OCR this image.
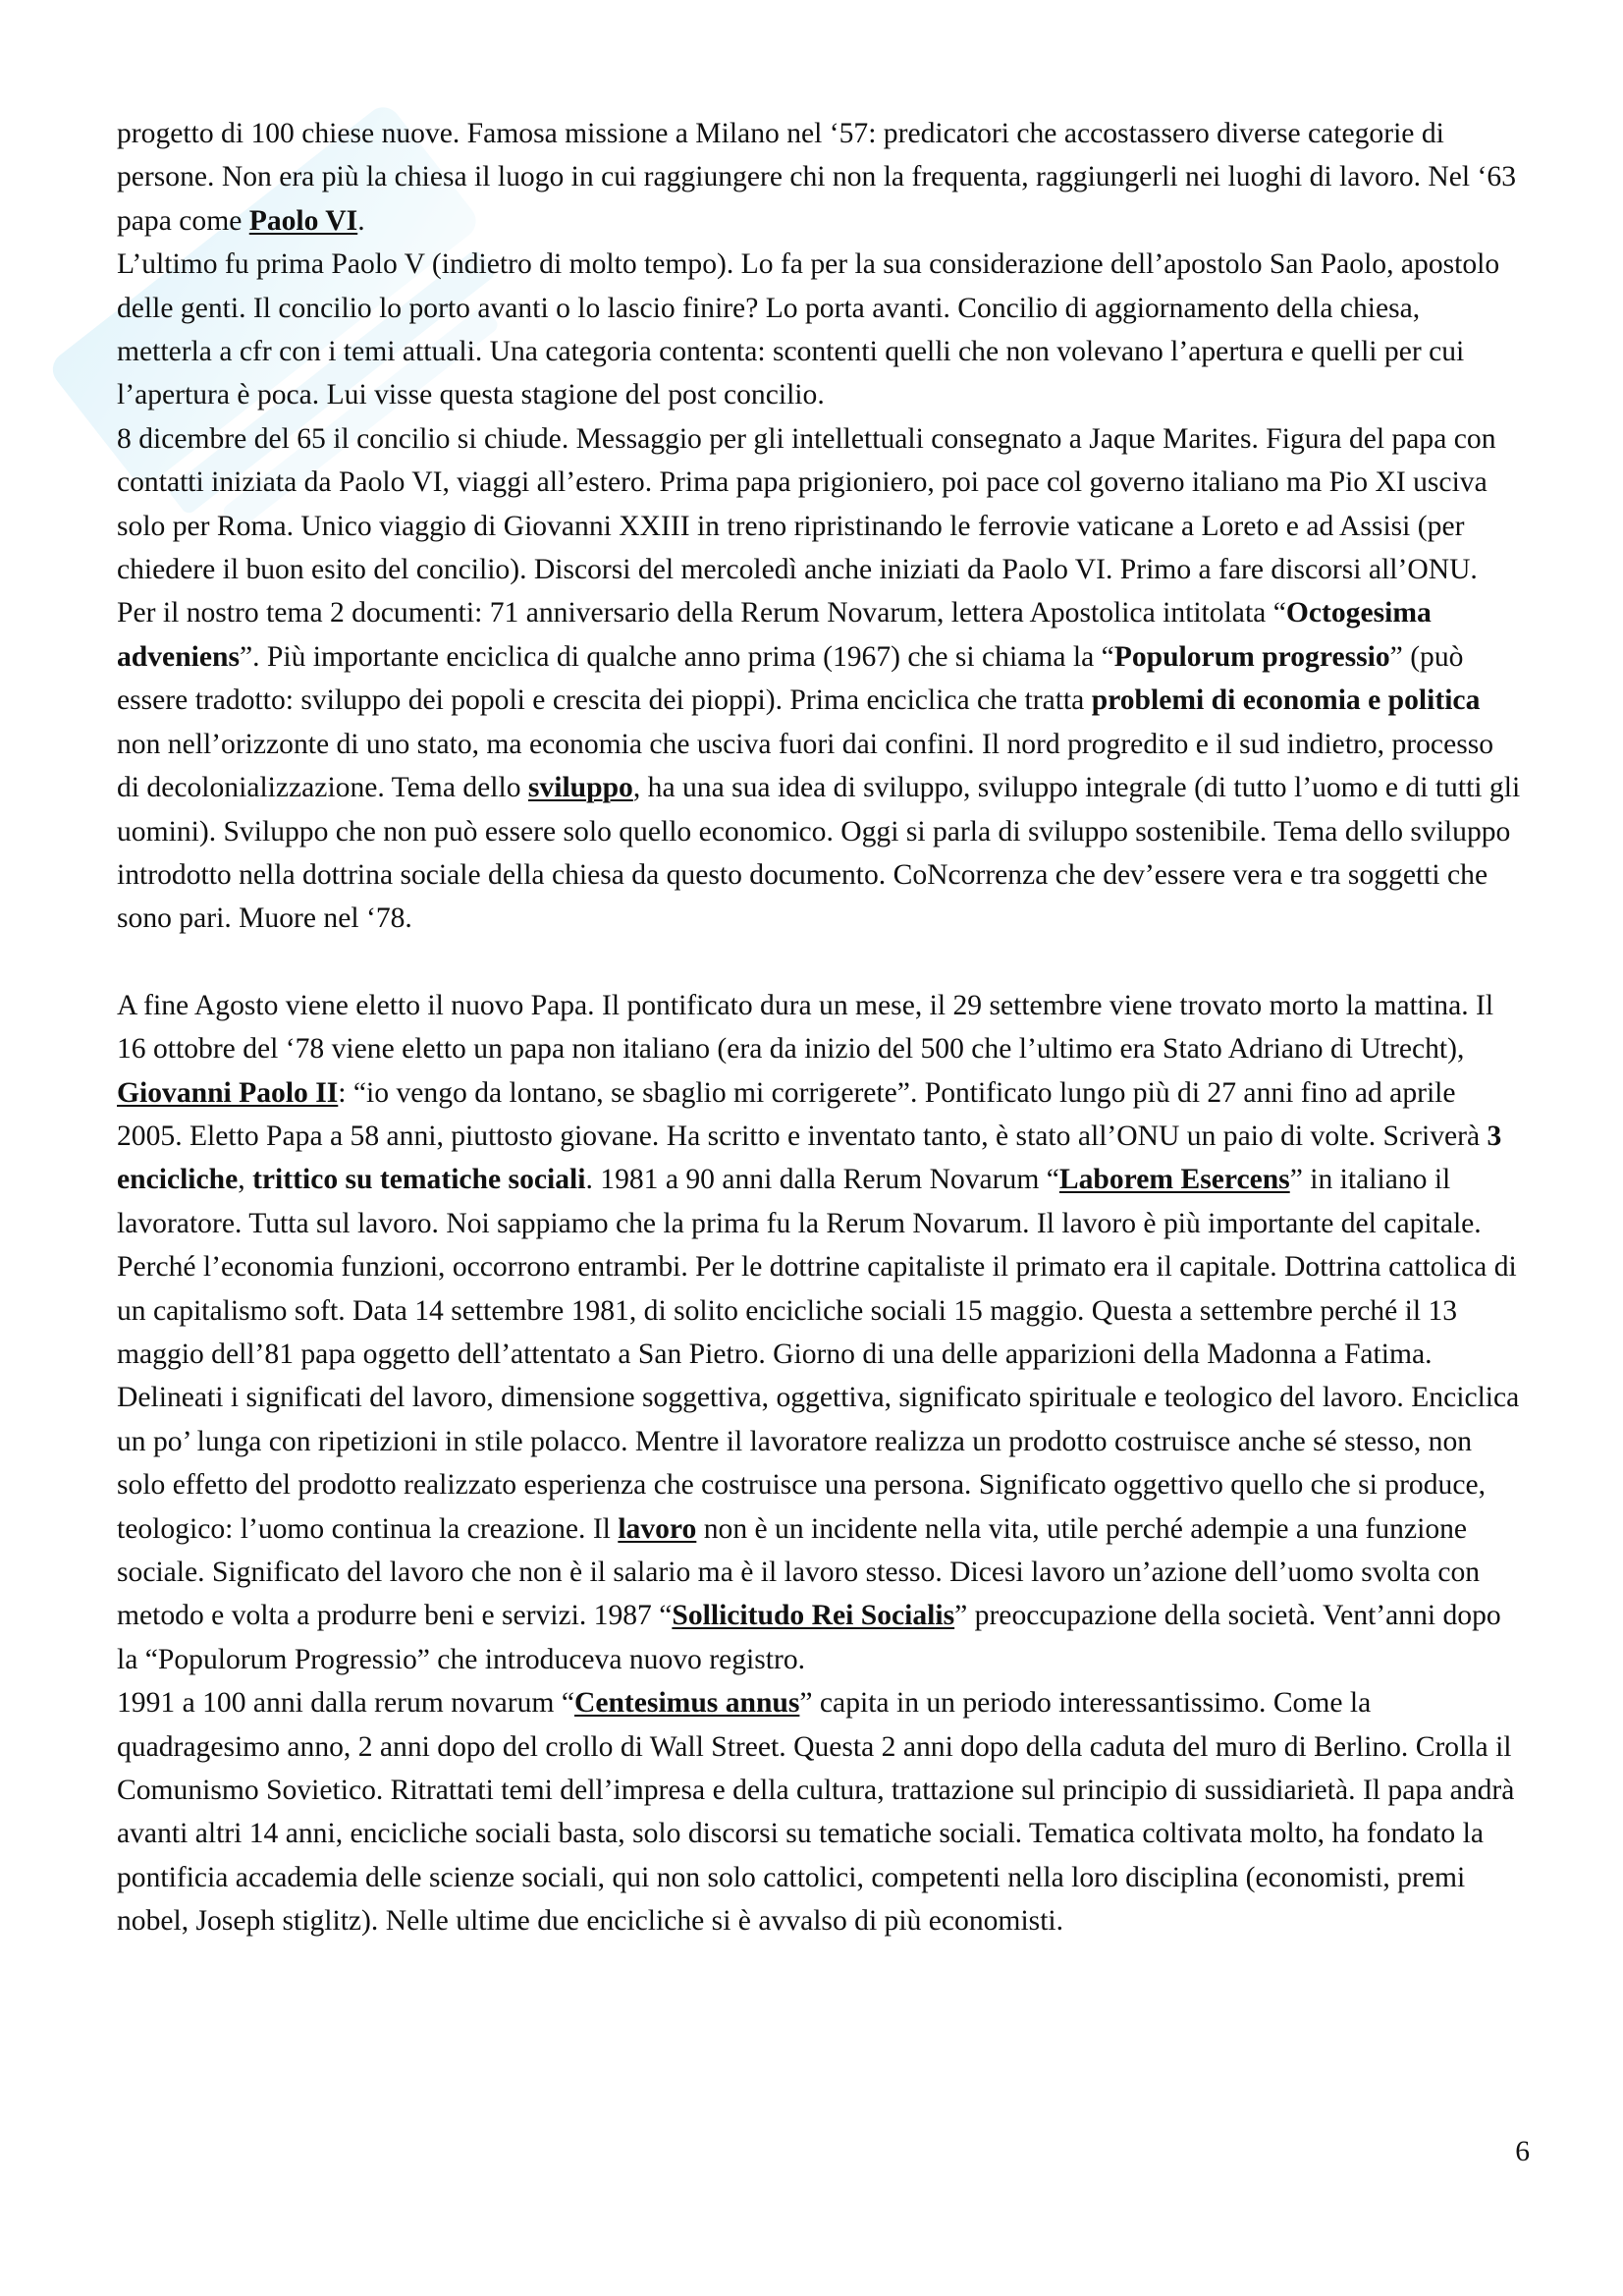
progetto di 100 chiese nuove. Famosa missione a Milano nel ‘57: predicatori che accostassero diverse categorie di persone. Non era più la chiesa il luogo in cui raggiungere chi non la frequenta, raggiungerli nei luoghi di lavoro. Nel ‘63 papa come Paolo VI.

L’ultimo fu prima Paolo V (indietro di molto tempo). Lo fa per la sua considerazione dell’apostolo San Paolo, apostolo delle genti. Il concilio lo porto avanti o lo lascio finire? Lo porta avanti. Concilio di aggiornamento della chiesa, metterla a cfr con i temi attuali. Una categoria contenta: scontenti quelli che non volevano l’apertura e quelli per cui l’apertura è poca. Lui visse questa stagione del post concilio.

8 dicembre del 65 il concilio si chiude. Messaggio per gli intellettuali consegnato a Jaque Marites. Figura del papa con contatti iniziata da Paolo VI, viaggi all’estero. Prima papa prigioniero, poi pace col governo italiano ma Pio XI usciva solo per Roma. Unico viaggio di Giovanni XXIII in treno ripristinando le ferrovie vaticane a Loreto e ad Assisi (per chiedere il buon esito del concilio). Discorsi del mercoledì anche iniziati da Paolo VI. Primo a fare discorsi all’ONU. Per il nostro tema 2 documenti: 71 anniversario della Rerum Novarum, lettera Apostolica intitolata “Octogesima adveniens”. Più importante enciclica di qualche anno prima (1967) che si chiama la “Populorum progressio” (può essere tradotto: sviluppo dei popoli e crescita dei pioppi). Prima enciclica che tratta problemi di economia e politica non nell’orizzonte di uno stato, ma economia che usciva fuori dai confini. Il nord progredito e il sud indietro, processo di decolonializzazione. Tema dello sviluppo, ha una sua idea di sviluppo, sviluppo integrale (di tutto l’uomo e di tutti gli uomini). Sviluppo che non può essere solo quello economico. Oggi si parla di sviluppo sostenibile. Tema dello sviluppo introdotto nella dottrina sociale della chiesa da questo documento. CoNcorrenza che dev’essere vera e tra soggetti che sono pari. Muore nel ‘78.

A fine Agosto viene eletto il nuovo Papa. Il pontificato dura un mese, il 29 settembre viene trovato morto la mattina. Il 16 ottobre del ‘78 viene eletto un papa non italiano (era da inizio del 500 che l’ultimo era Stato Adriano di Utrecht), Giovanni Paolo II: “io vengo da lontano, se sbaglio mi corrigerete”. Pontificato lungo più di 27 anni fino ad aprile 2005. Eletto Papa a 58 anni, piuttosto giovane. Ha scritto e inventato tanto, è stato all’ONU un paio di volte. Scriverà 3 encicliche, trittico su tematiche sociali. 1981 a 90 anni dalla Rerum Novarum “Laborem Esercens” in italiano il lavoratore. Tutta sul lavoro. Noi sappiamo che la prima fu la Rerum Novarum. Il lavoro è più importante del capitale. Perché l’economia funzioni, occorrono entrambi. Per le dottrine capitaliste il primato era il capitale. Dottrina cattolica di un capitalismo soft. Data 14 settembre 1981, di solito encicliche sociali 15 maggio. Questa a settembre perché il 13 maggio dell’81 papa oggetto dell’attentato a San Pietro. Giorno di una delle apparizioni della Madonna a Fatima. Delineati i significati del lavoro, dimensione soggettiva, oggettiva, significato spirituale e teologico del lavoro. Enciclica un po’ lunga con ripetizioni in stile polacco. Mentre il lavoratore realizza un prodotto costruisce anche sé stesso, non solo effetto del prodotto realizzato esperienza che costruisce una persona. Significato oggettivo quello che si produce, teologico: l’uomo continua la creazione. Il lavoro non è un incidente nella vita, utile perché adempie a una funzione sociale. Significato del lavoro che non è il salario ma è il lavoro stesso. Dicesi lavoro un’azione dell’uomo svolta con metodo e volta a produrre beni e servizi. 1987 “Sollicitudo Rei Socialis” preoccupazione della società. Vent’anni dopo la “Populorum Progressio” che introduceva nuovo registro.

1991 a 100 anni dalla rerum novarum “Centesimus annus” capita in un periodo interessantissimo. Come la quadragesimo anno, 2 anni dopo del crollo di Wall Street. Questa 2 anni dopo della caduta del muro di Berlino. Crolla il Comunismo Sovietico. Ritrattati temi dell’impresa e della cultura, trattazione sul principio di sussidiarietà. Il papa andrà avanti altri 14 anni, encicliche sociali basta, solo discorsi su tematiche sociali. Tematica coltivata molto, ha fondato la pontificia accademia delle scienze sociali, qui non solo cattolici, competenti nella loro disciplina (economisti, premi nobel, Joseph stiglitz). Nelle ultime due encicliche si è avvalso di più economisti.

6
